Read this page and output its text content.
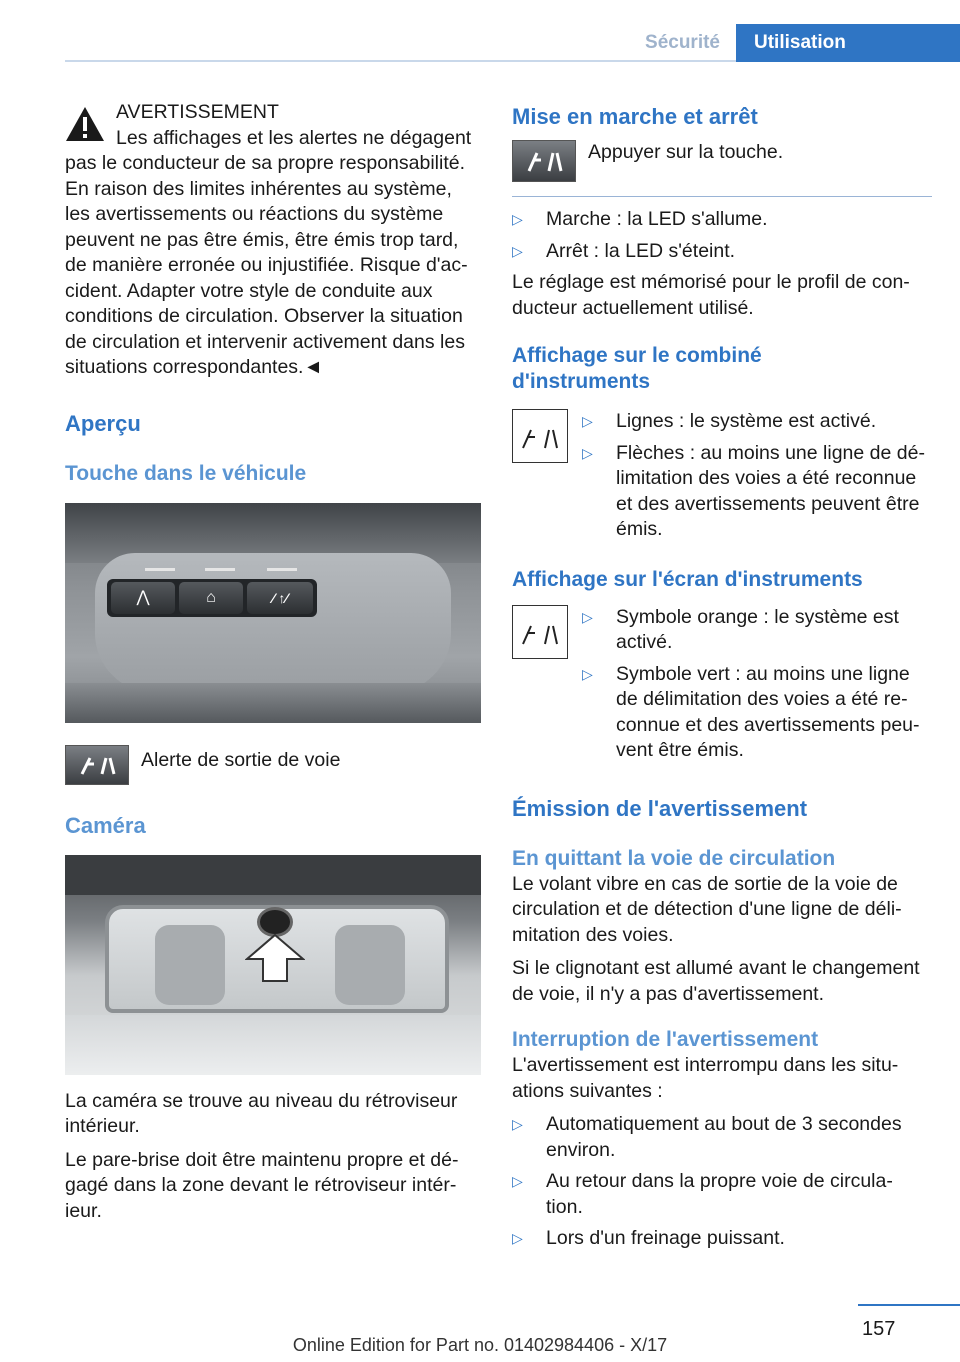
Sécurité	Utilisation

AVERTISSEMENT

Les affichages et les alertes ne dégagent

pas le conducteur de sa propre responsabilité.

En raison des limites inhérentes au système,

les avertissements ou réactions du système

peuvent ne pas être émis, être émis trop tard,

de manière erronée ou injustifiée. Risque d'ac-

cident. Adapter votre style de conduite aux

conditions de circulation. Observer la situation

de circulation et intervenir activement dans les

situations correspondantes.◄

Aperçu

Touche dans le véhicule

⋀	⌂	⁄ ↑⁄

Alerte de sortie de voie

Caméra

La caméra se trouve au niveau du rétroviseur

intérieur.

Le pare-brise doit être maintenu propre et dé-

gagé dans la zone devant le rétroviseur intér-

ieur.

Mise en marche et arrêt

Appuyer sur la touche.

▷ Marche : la LED s'allume.
▷ Arrêt : la LED s'éteint.

Le réglage est mémorisé pour le profil de con-

ducteur actuellement utilisé.

Affichage sur le combiné

d'instruments

▷ Lignes : le système est activé.
▷ Flèches : au moins une ligne de dé-
limitation des voies a été reconnue
et des avertissements peuvent être
émis.

Affichage sur l'écran d'instruments

▷ Symbole orange : le système est
activé.
▷ Symbole vert : au moins une ligne
de délimitation des voies a été re-
connue et des avertissements peu-
vent être émis.

Émission de l'avertissement

En quittant la voie de circulation

Le volant vibre en cas de sortie de la voie de

circulation et de détection d'une ligne de déli-

mitation des voies.

Si le clignotant est allumé avant le changement

de voie, il n'y a pas d'avertissement.

Interruption de l'avertissement

L'avertissement est interrompu dans les situ-

ations suivantes :

▷ Automatiquement au bout de 3 secondes
environ.
▷ Au retour dans la propre voie de circula-
tion.
▷ Lors d'un freinage puissant.
157
Online Edition for Part no. 01402984406 - X/17
